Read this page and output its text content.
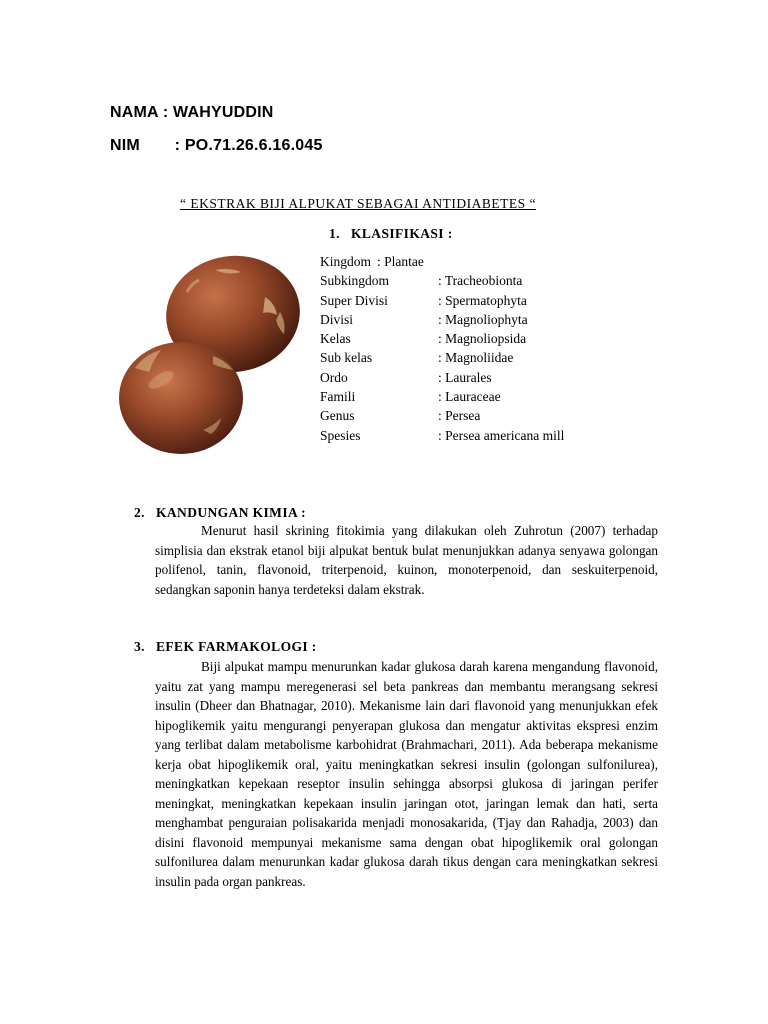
NAMA : WAHYUDDIN
NIM : PO.71.26.6.16.045
“ EKSTRAK BIJI ALPUKAT SEBAGAI ANTIDIABETES “
1. KLASIFIKASI :
Kingdom : Plantae
Subkingdom	: Tracheobionta
Super Divisi	: Spermatophyta
Divisi	: Magnoliophyta
Kelas	: Magnoliopsida
Sub kelas	: Magnoliidae
Ordo	: Laurales
Famili	: Lauraceae
Genus	: Persea
Spesies	: Persea americana mill
2. KANDUNGAN KIMIA :
Menurut hasil skrining fitokimia yang dilakukan oleh Zuhrotun (2007) terhadap simplisia dan ekstrak etanol biji alpukat bentuk bulat menunjukkan adanya senyawa golongan polifenol, tanin, flavonoid, triterpenoid, kuinon, monoterpenoid, dan seskuiterpenoid, sedangkan saponin hanya terdeteksi dalam ekstrak.
3. EFEK FARMAKOLOGI :
Biji alpukat mampu menurunkan kadar glukosa darah karena mengandung flavonoid, yaitu zat yang mampu meregenerasi sel beta pankreas dan membantu merangsang sekresi insulin (Dheer dan Bhatnagar, 2010). Mekanisme lain dari flavonoid yang menunjukkan efek hipoglikemik yaitu mengurangi penyerapan glukosa dan mengatur aktivitas ekspresi enzim yang terlibat dalam metabolisme karbohidrat (Brahmachari, 2011). Ada beberapa mekanisme kerja obat hipoglikemik oral, yaitu meningkatkan sekresi insulin (golongan sulfonilurea), meningkatkan kepekaan reseptor insulin sehingga absorpsi glukosa di jaringan perifer meningkat, meningkatkan kepekaan insulin jaringan otot, jaringan lemak dan hati, serta menghambat penguraian polisakarida menjadi monosakarida, (Tjay dan Rahadja, 2003) dan disini flavonoid mempunyai mekanisme sama dengan obat hipoglikemik oral golongan sulfonilurea dalam menurunkan kadar glukosa darah tikus dengan cara meningkatkan sekresi insulin pada organ pankreas.
